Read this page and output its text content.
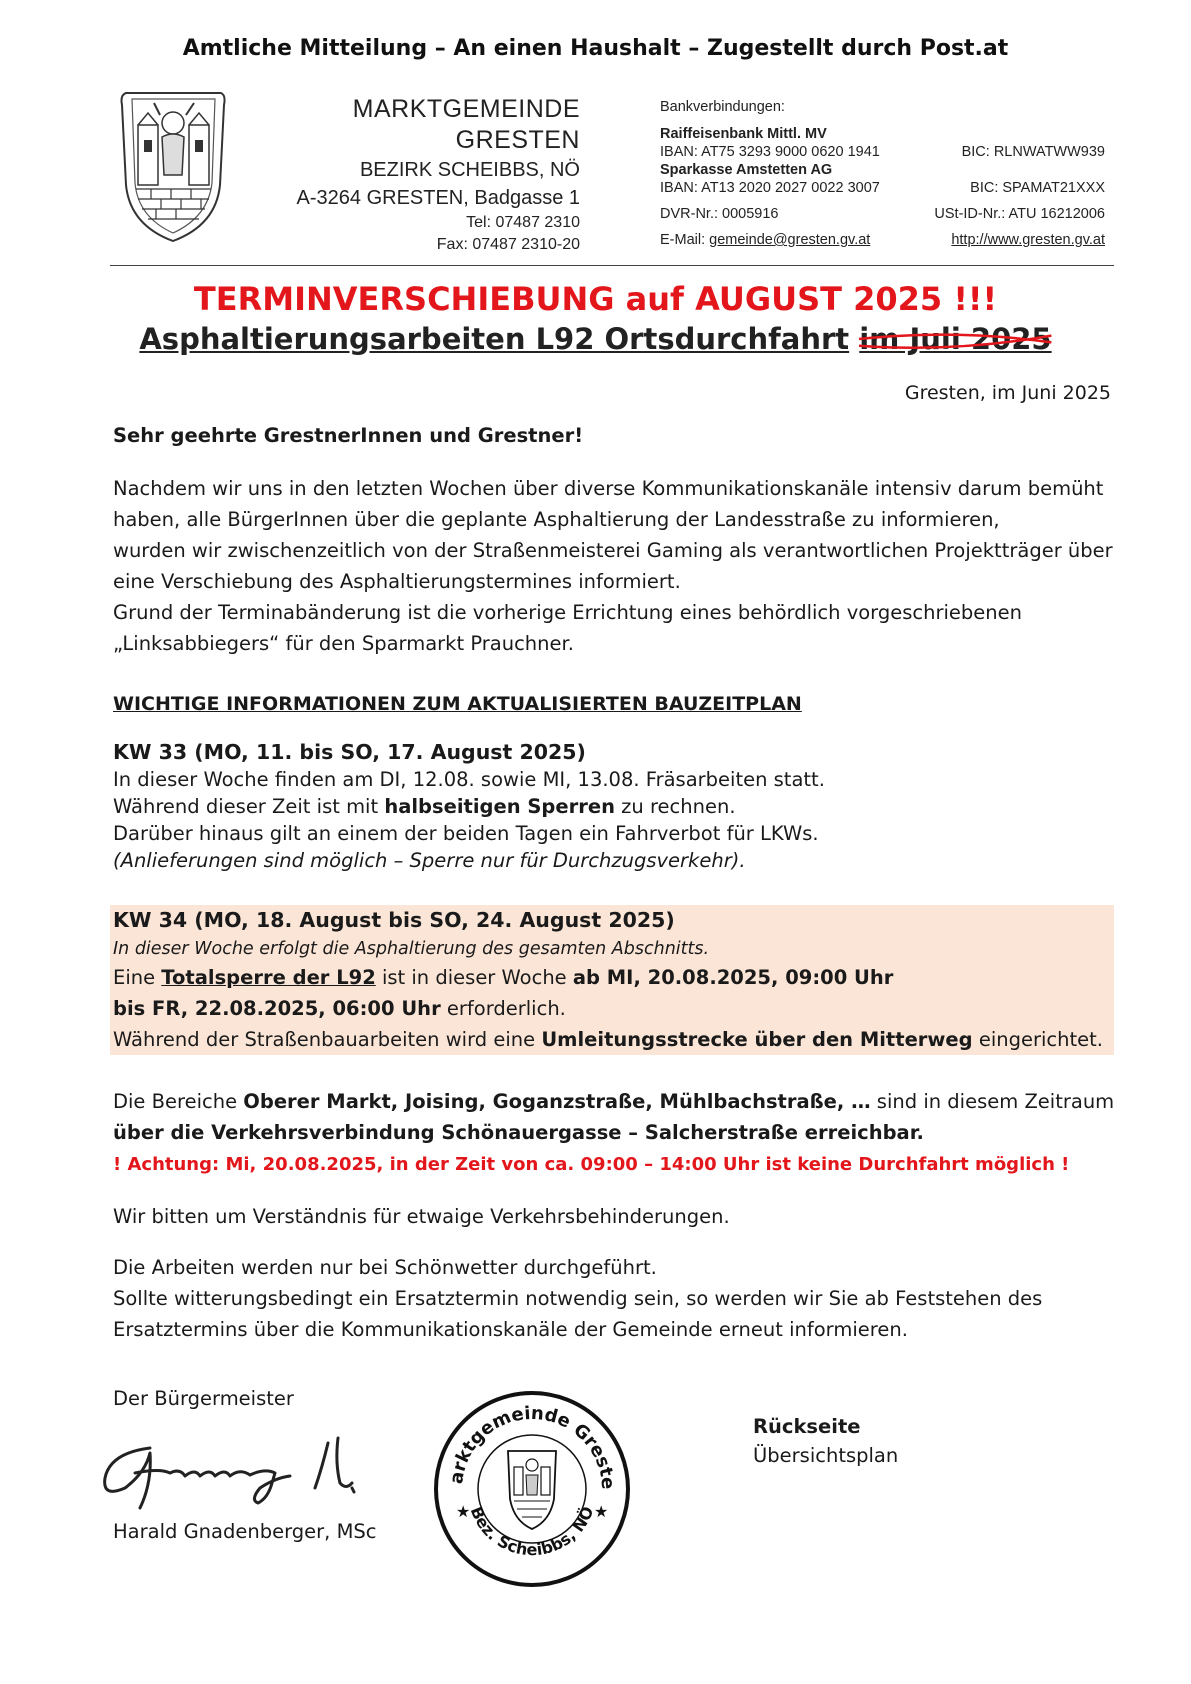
Amtliche Mitteilung – An einen Haushalt – Zugestellt durch Post.at
MARKTGEMEINDE
GRESTEN
BEZIRK SCHEIBBS, NÖ
A-3264 GRESTEN, Badgasse 1
Tel: 07487 2310
Fax: 07487 2310-20
Bankverbindungen:
Raiffeisenbank Mittl. MV
IBAN: AT75 3293 9000 0620 1941	BIC: RLNWATWW939
Sparkasse Amstetten AG
IBAN: AT13 2020 2027 0022 3007	BIC: SPAMAT21XXX
DVR-Nr.: 0005916	USt-ID-Nr.: ATU 16212006
E-Mail: gemeinde@gresten.gv.at	http://www.gresten.gv.at
TERMINVERSCHIEBUNG auf AUGUST 2025 !!!
Asphaltierungsarbeiten L92 Ortsdurchfahrt im Juli 2025
Gresten, im Juni 2025
Sehr geehrte GrestnerInnen und Grestner!
Nachdem wir uns in den letzten Wochen über diverse Kommunikationskanäle intensiv darum bemüht
haben, alle BürgerInnen über die geplante Asphaltierung der Landesstraße zu informieren,
wurden wir zwischenzeitlich von der Straßenmeisterei Gaming als verantwortlichen Projektträger über
eine Verschiebung des Asphaltierungstermines informiert.
Grund der Terminabänderung ist die vorherige Errichtung eines behördlich vorgeschriebenen
„Linksabbiegers“ für den Sparmarkt Prauchner.
WICHTIGE INFORMATIONEN ZUM AKTUALISIERTEN BAUZEITPLAN
KW 33 (MO, 11. bis SO, 17. August 2025)
In dieser Woche finden am DI, 12.08. sowie MI, 13.08. Fräsarbeiten statt.
Während dieser Zeit ist mit halbseitigen Sperren zu rechnen.
Darüber hinaus gilt an einem der beiden Tagen ein Fahrverbot für LKWs.
(Anlieferungen sind möglich – Sperre nur für Durchzugsverkehr).
KW 34 (MO, 18. August bis SO, 24. August 2025)
In dieser Woche erfolgt die Asphaltierung des gesamten Abschnitts.
Eine Totalsperre der L92 ist in dieser Woche ab MI, 20.08.2025, 09:00 Uhr
bis FR, 22.08.2025, 06:00 Uhr erforderlich.
Während der Straßenbauarbeiten wird eine Umleitungsstrecke über den Mitterweg eingerichtet.
Die Bereiche Oberer Markt, Joising, Goganzstraße, Mühlbachstraße, … sind in diesem Zeitraum
über die Verkehrsverbindung Schönauergasse – Salcherstraße erreichbar.
! Achtung: Mi, 20.08.2025, in der Zeit von ca. 09:00 – 14:00 Uhr ist keine Durchfahrt möglich !
Wir bitten um Verständnis für etwaige Verkehrsbehinderungen.
Die Arbeiten werden nur bei Schönwetter durchgeführt.
Sollte witterungsbedingt ein Ersatztermin notwendig sein, so werden wir Sie ab Feststehen des
Ersatztermins über die Kommunikationskanäle der Gemeinde erneut informieren.
Der Bürgermeister
Harald Gnadenberger, MSc
arktgemeinde Greste
Bez. Scheibbs, NÖ
★	★
Rückseite
Übersichtsplan
